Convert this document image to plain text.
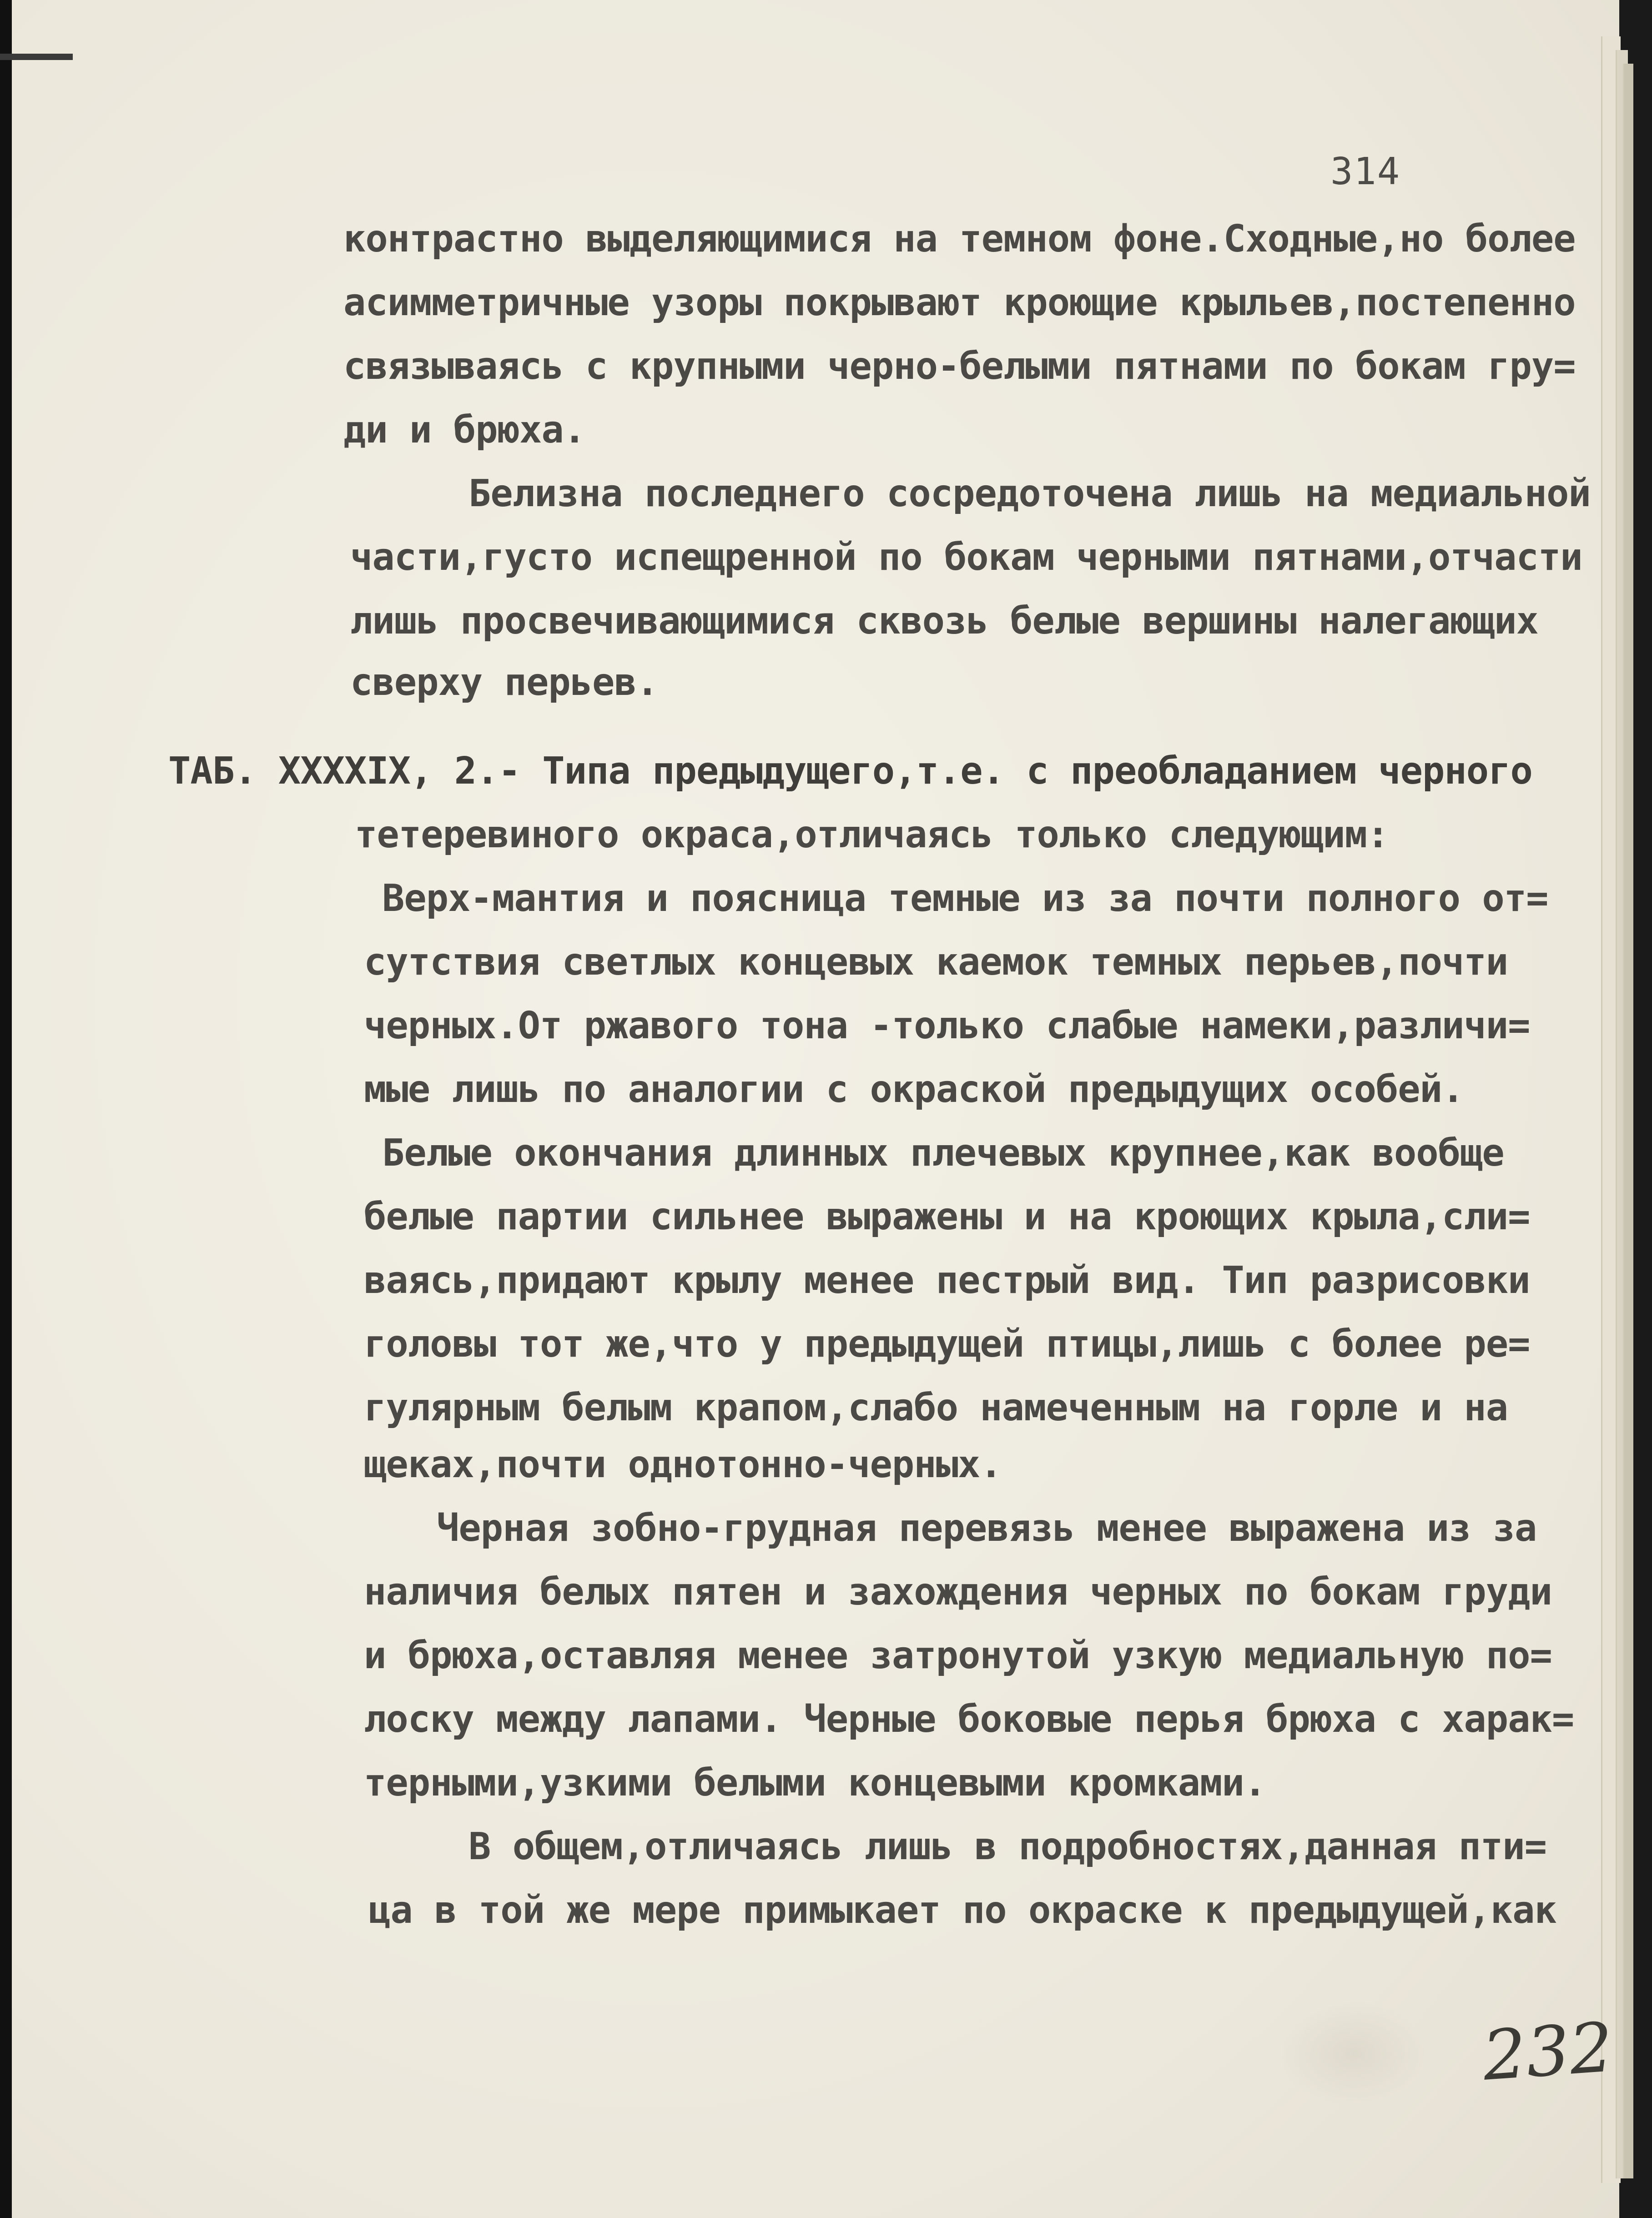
314
контрастно выделяющимися на темном фоне.Сходные,но более
асимметричные узоры покрывают кроющие крыльев,постепенно
связываясь с крупными черно-белыми пятнами по бокам гру=
ди и брюха.
Белизна последнего сосредоточена лишь на медиальной
части,густо испещренной по бокам черными пятнами,отчасти
лишь просвечивающимися сквозь белые вершины налегающих
сверху перьев.
ТАБ. XXXXIX, 2.- Типа предыдущего,т.е. с преобладанием черного
тетеревиного окраса,отличаясь только следующим:
Верх-мантия и поясница темные из за почти полного от=
сутствия светлых концевых каемок темных перьев,почти
черных.От ржавого тона -только слабые намеки,различи=
мые лишь по аналогии с окраской предыдущих особей.
Белые окончания длинных плечевых крупнее,как вообще
белые партии сильнее выражены и на кроющих крыла,сли=
ваясь,придают крылу менее пестрый вид. Тип разрисовки
головы тот же,что у предыдущей птицы,лишь с более ре=
гулярным белым крапом,слабо намеченным на горле и на
щеках,почти однотонно-черных.
Черная зобно-грудная перевязь менее выражена из за
наличия белых пятен и захождения черных по бокам груди
и брюха,оставляя менее затронутой узкую медиальную по=
лоску между лапами. Черные боковые перья брюха с харак=
терными,узкими белыми концевыми кромками.
В общем,отличаясь лишь в подробностях,данная пти=
ца в той же мере примыкает по окраске к предыдущей,как
232
